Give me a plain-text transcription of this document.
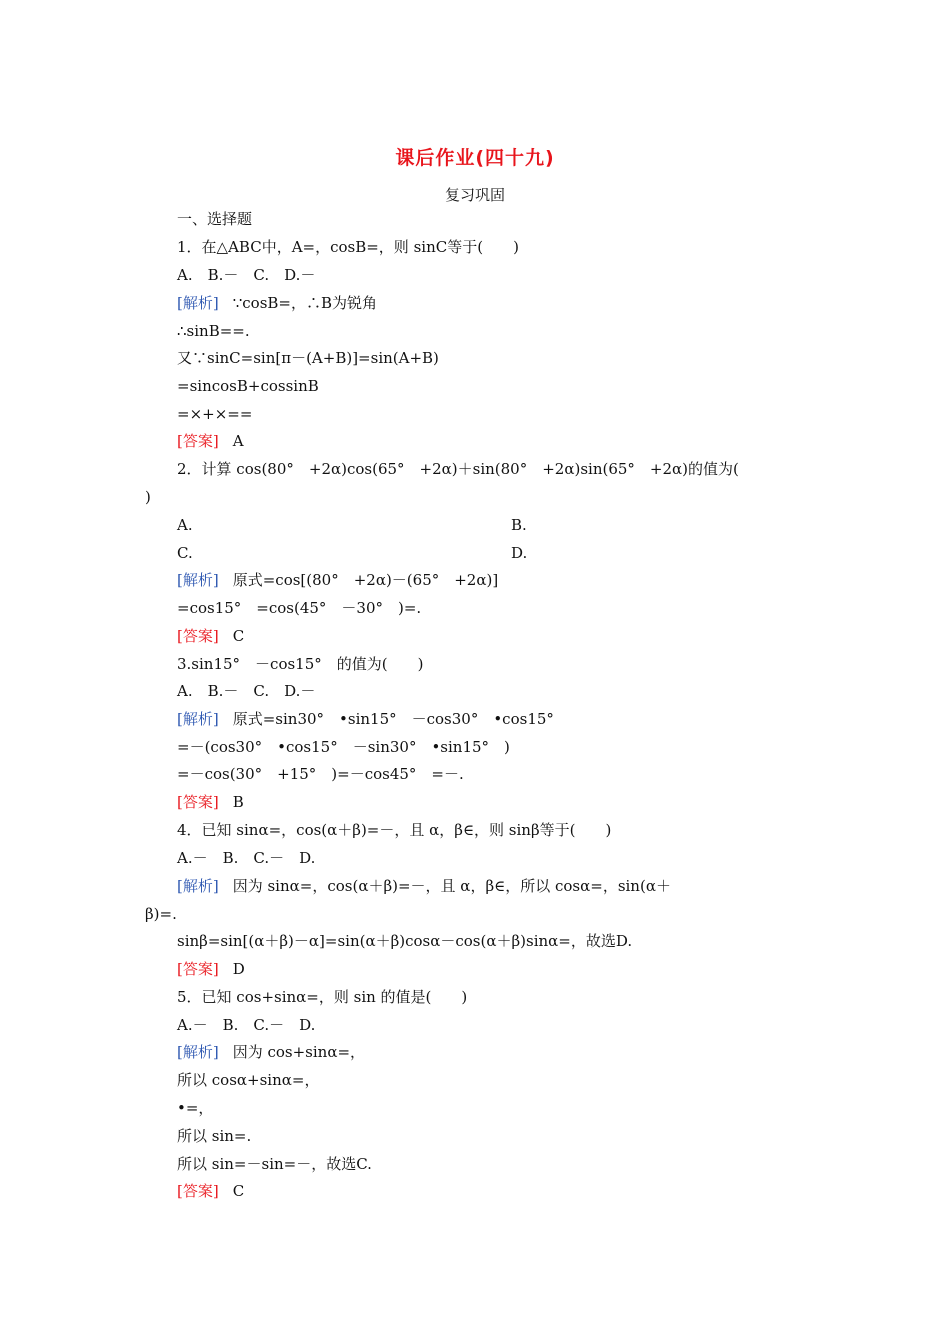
课后作业(四十九)
复习巩固
一、选择题
1．在△ABC中，A=，cosB=，则 sinC等于(　　)
A.　B.－　C.　D.－
[解析] ∵cosB=，∴B为锐角
∴sinB==.
又∵sinC=sin[π－(A+B)]=sin(A+B)
=sincosB+cossinB
=×+×==
[答案] A
2．计算 cos(80°　+2α)cos(65°　+2α)＋sin(80°　+2α)sin(65°　+2α)的值为(
)
A.	B.
C.	D.
[解析] 原式=cos[(80°　+2α)－(65°　+2α)]
=cos15°　=cos(45°　－30°　)=.
[答案] C
3.sin15°　－cos15°　的值为(　　)
A.　B.－　C.　D.－
[解析] 原式=sin30°　•sin15°　－cos30°　•cos15°
=－(cos30°　•cos15°　－sin30°　•sin15°　)
=－cos(30°　+15°　)=－cos45°　=－.
[答案] B
4．已知 sinα=，cos(α＋β)=－，且 α，β∈，则 sinβ等于(　　)
A.－　B.　C.－　D.
[解析] 因为 sinα=，cos(α＋β)=－，且 α，β∈，所以 cosα=，sin(α＋
β)=.
sinβ=sin[(α＋β)－α]=sin(α＋β)cosα－cos(α＋β)sinα=，故选D.
[答案] D
5．已知 cos+sinα=，则 sin 的值是(　　)
A.－　B.　C.－　D.
[解析] 因为 cos+sinα=，
所以 cosα+sinα=，
•=，
所以 sin=.
所以 sin=－sin=－，故选C.
[答案] C
